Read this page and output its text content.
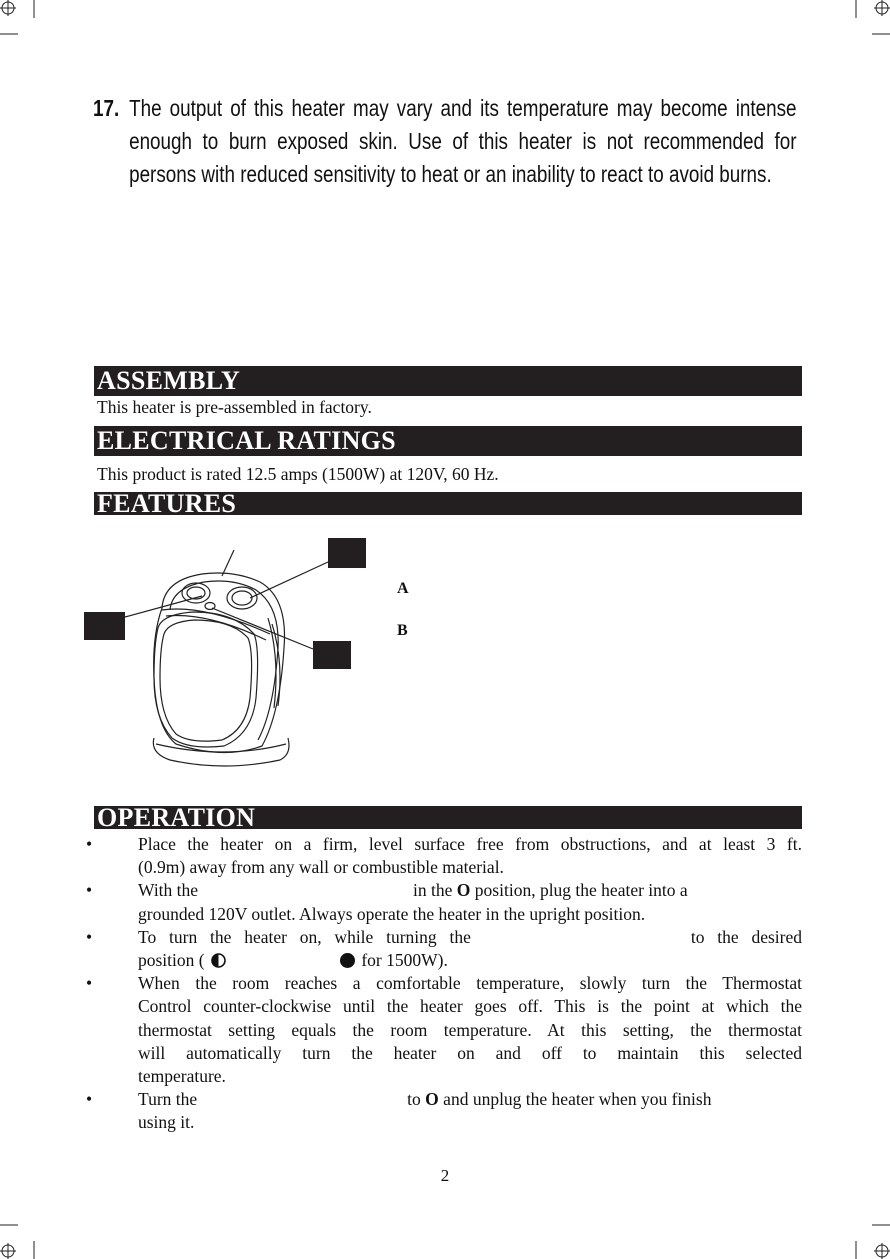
17. The output of this heater may vary and its temperature may become intense enough to burn exposed skin. Use of this heater is not recommended for persons with reduced sensitivity to heat or an inability to react to avoid burns.
ASSEMBLY
This heater is pre-assembled in factory.
ELECTRICAL RATINGS
This product is rated 12.5 amps (1500W) at 120V, 60 Hz.
FEATURES
A
B
OPERATION
•	Place the heater on a firm, level surface free from obstructions, and at least 3 ft.
(0.9m) away from any wall or combustible material.
•	With the	in the O position, plug the heater into a
grounded 120V outlet. Always operate the heater in the upright position.
•	To turn the heater on, while turning the	to the desired
position (	for 1500W).
•	When the room reaches a comfortable temperature, slowly turn the Thermostat
Control counter-clockwise until the heater goes off. This is the point at which the
thermostat setting equals the room temperature. At this setting, the thermostat
will automatically turn the heater on and off to maintain this selected
temperature.
•	Turn the	to O and unplug the heater when you finish
using it.
2
